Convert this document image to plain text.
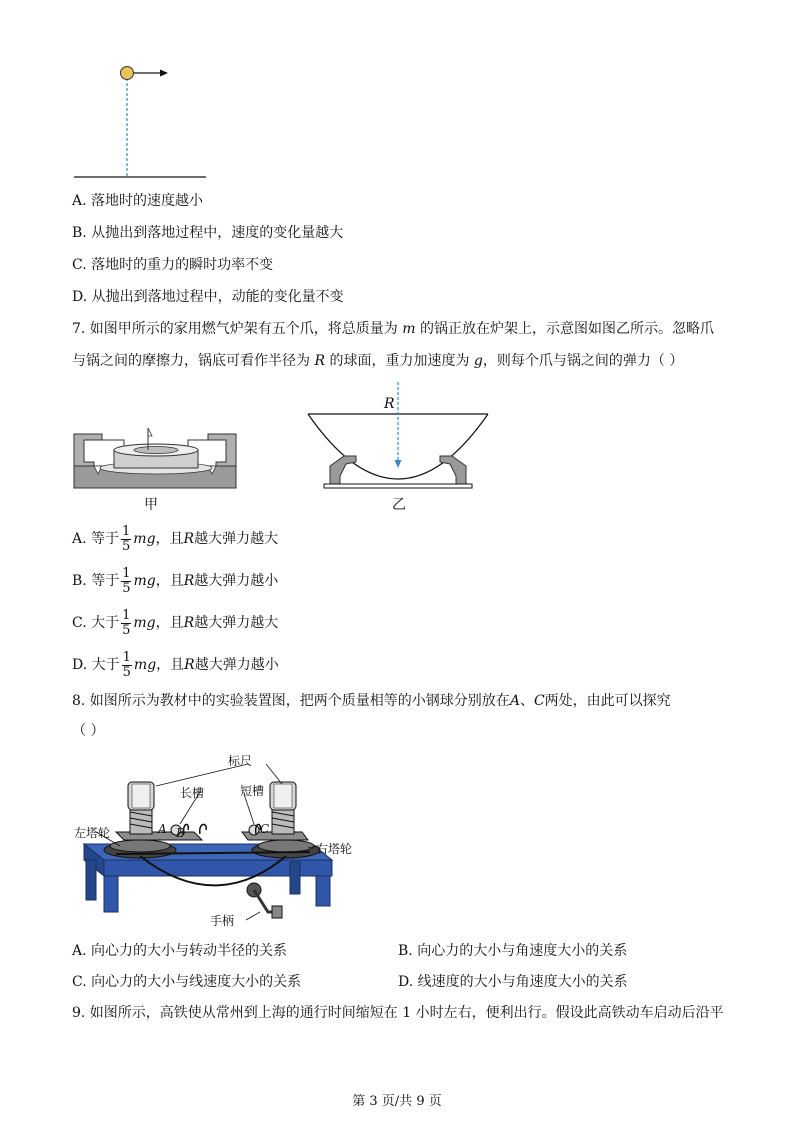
A. 落地时的速度越小
B. 从抛出到落地过程中，速度的变化量越大
C. 落地时的重力的瞬时功率不变
D. 从抛出到落地过程中，动能的变化量不变
7. 如图甲所示的家用燃气炉架有五个爪，将总质量为 m 的锅正放在炉架上，示意图如图乙所示。忽略爪
与锅之间的摩擦力，锅底可看作半径为 R 的球面，重力加速度为 g，则每个爪与锅之间的弹力（ ）
甲
R
乙
A. 等于 $\frac{1}{5}$ mg，且R越大弹力越大
B. 等于 $\frac{1}{5}$ mg，且R越大弹力越小
C. 大于 $\frac{1}{5}$ mg，且R越大弹力越大
D. 大于 $\frac{1}{5}$ mg，且R越大弹力越小
8. 如图所示为教材中的实验装置图，把两个质量相等的小钢球分别放在A、C两处，由此可以探究
（ ）
标尺
长槽	短槽
左塔轮
右塔轮
手柄
A B	C
A. 向心力的大小与转动半径的关系	B. 向心力的大小与角速度大小的关系
C. 向心力的大小与线速度大小的关系	D. 线速度的大小与角速度大小的关系
9. 如图所示，高铁使从常州到上海的通行时间缩短在 1 小时左右，便利出行。假设此高铁动车启动后沿平
第 3 页/共 9 页
